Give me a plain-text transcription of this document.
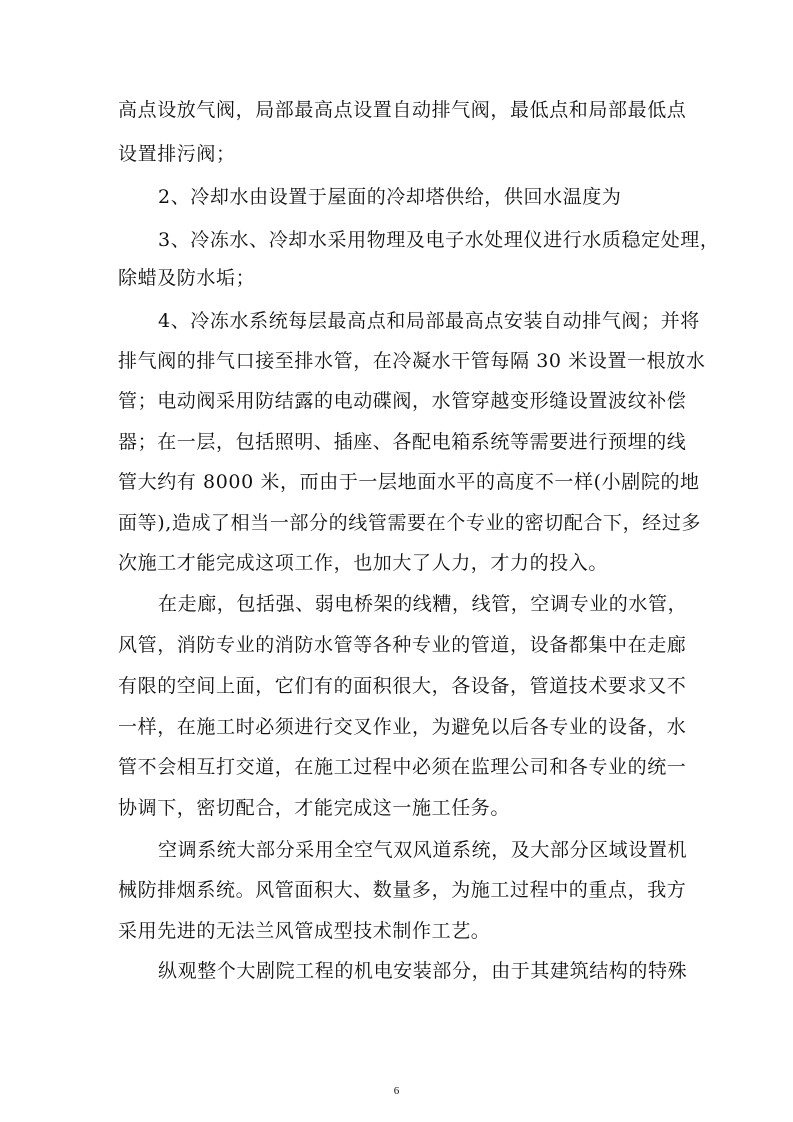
高点设放气阀，局部最高点设置自动排气阀，最低点和局部最低点
设置排污阀；
2、冷却水由设置于屋面的冷却塔供给，供回水温度为
3、冷冻水、冷却水采用物理及电子水处理仪进行水质稳定处理，
除蜡及防水垢；
4、冷冻水系统每层最高点和局部最高点安装自动排气阀；并将
排气阀的排气口接至排水管，在冷凝水干管每隔 30 米设置一根放水
管；电动阀采用防结露的电动碟阀，水管穿越变形缝设置波纹补偿
器；在一层，包括照明、插座、各配电箱系统等需要进行预埋的线
管大约有 8000 米，而由于一层地面水平的高度不一样(小剧院的地
面等),造成了相当一部分的线管需要在个专业的密切配合下，经过多
次施工才能完成这项工作，也加大了人力，才力的投入。
在走廊，包括强、弱电桥架的线糟，线管，空调专业的水管，
风管，消防专业的消防水管等各种专业的管道，设备都集中在走廊
有限的空间上面，它们有的面积很大，各设备，管道技术要求又不
一样，在施工时必须进行交叉作业，为避免以后各专业的设备，水
管不会相互打交道，在施工过程中必须在监理公司和各专业的统一
协调下，密切配合，才能完成这一施工任务。
空调系统大部分采用全空气双风道系统，及大部分区域设置机
械防排烟系统。风管面积大、数量多，为施工过程中的重点，我方
采用先进的无法兰风管成型技术制作工艺。
纵观整个大剧院工程的机电安装部分，由于其建筑结构的特殊
6
